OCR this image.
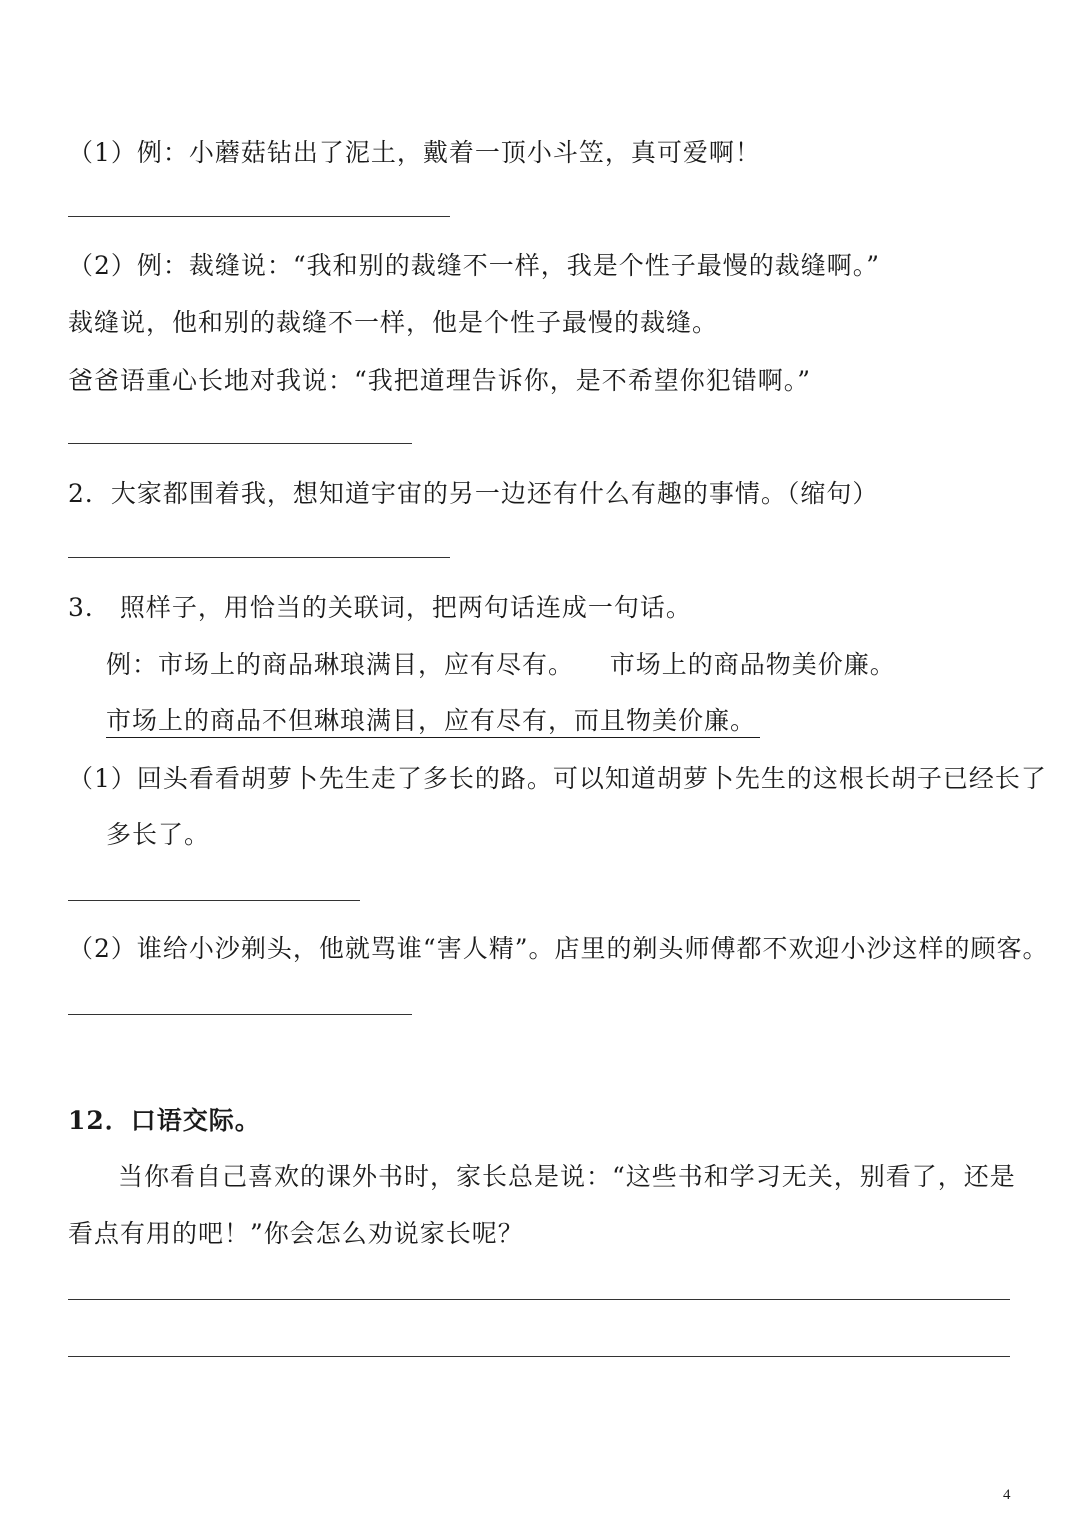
（1）例：小蘑菇钻出了泥土，戴着一顶小斗笠，真可爱啊！
（2）例：裁缝说：“我和别的裁缝不一样，我是个性子最慢的裁缝啊。”
裁缝说，他和别的裁缝不一样，他是个性子最慢的裁缝。
爸爸语重心长地对我说：“我把道理告诉你，是不希望你犯错啊。”
2．大家都围着我，想知道宇宙的另一边还有什么有趣的事情。（缩句）
3． 照样子，用恰当的关联词，把两句话连成一句话。
例：市场上的商品琳琅满目，应有尽有。    市场上的商品物美价廉。
市场上的商品不但琳琅满目，应有尽有，而且物美价廉。
（1）回头看看胡萝卜先生走了多长的路。可以知道胡萝卜先生的这根长胡子已经长了
多长了。
（2）谁给小沙剃头，他就骂谁“害人精”。店里的剃头师傅都不欢迎小沙这样的顾客。
12．口语交际。
当你看自己喜欢的课外书时，家长总是说：“这些书和学习无关，别看了，还是
看点有用的吧！”你会怎么劝说家长呢？
4
